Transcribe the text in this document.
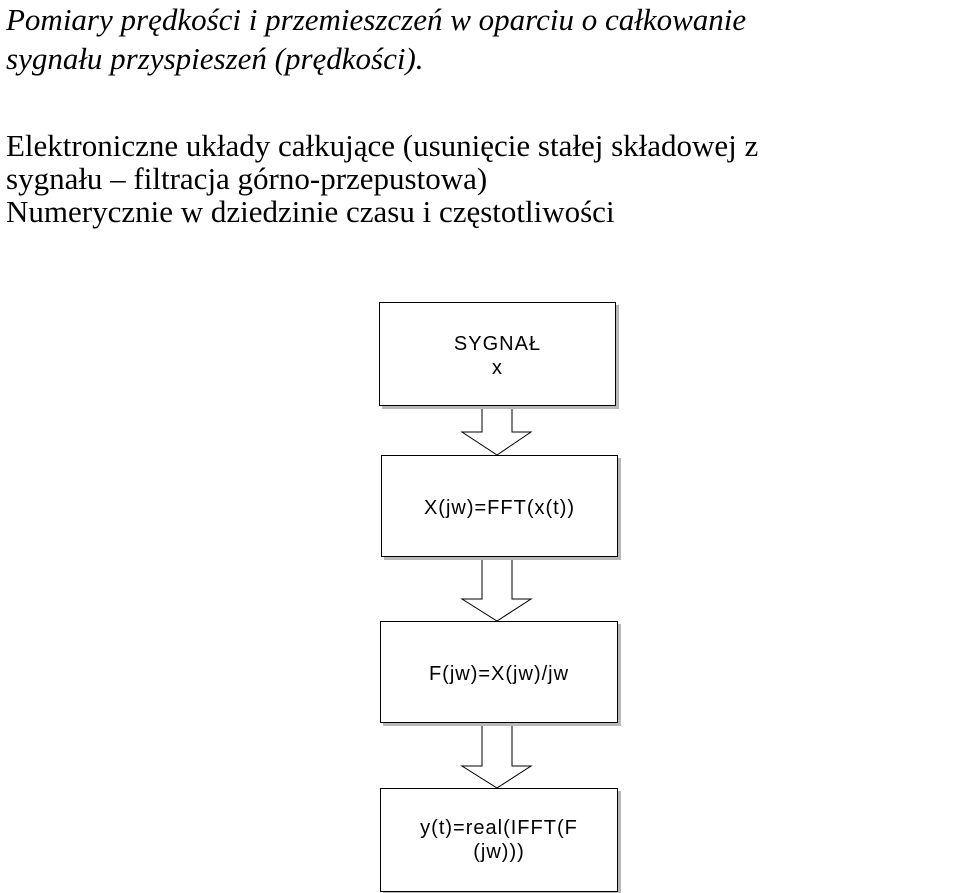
Pomiary prędkości i przemieszczeń w oparciu o całkowanie
sygnału przyspieszeń (prędkości).

Elektroniczne układy całkujące (usunięcie stałej składowej z

sygnału – filtracja górno-przepustowa)

Numerycznie w dziedzinie czasu i częstotliwości

SYGNAŁ
x
X(jw)=FFT(x(t))
F(jw)=X(jw)/jw
y(t)=real(IFFT(F
(jw)))
